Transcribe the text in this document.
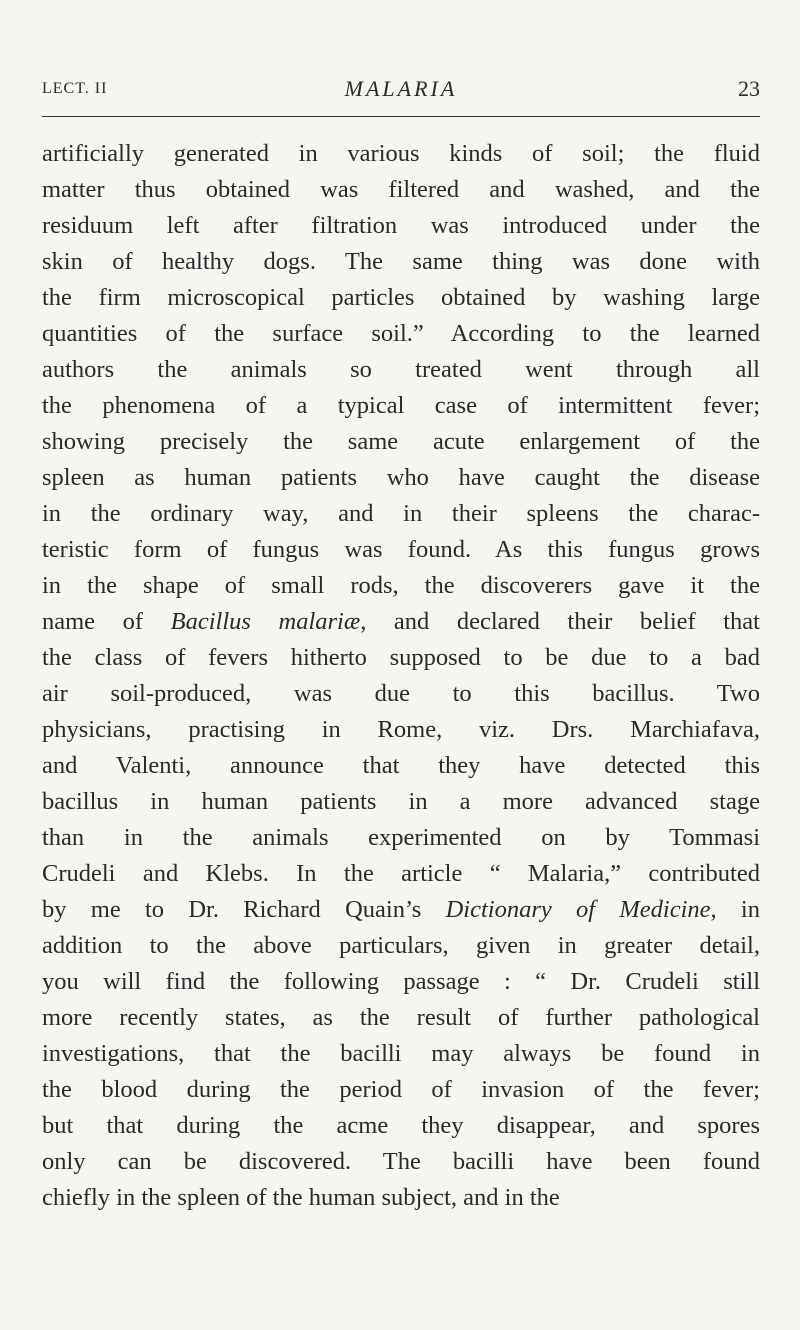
LECT. II	MALARIA	23
artificially generated in various kinds of soil; the fluid
matter thus obtained was filtered and washed, and the
residuum left after filtration was introduced under the
skin of healthy dogs. The same thing was done with
the firm microscopical particles obtained by washing large
quantities of the surface soil.” According to the learned
authors the animals so treated went through all
the phenomena of a typical case of intermittent fever;
showing precisely the same acute enlargement of the
spleen as human patients who have caught the disease
in the ordinary way, and in their spleens the charac-
teristic form of fungus was found. As this fungus grows
in the shape of small rods, the discoverers gave it the
name of Bacillus malariæ, and declared their belief that
the class of fevers hitherto supposed to be due to a bad
air soil-produced, was due to this bacillus. Two
physicians, practising in Rome, viz. Drs. Marchiafava,
and Valenti, announce that they have detected this
bacillus in human patients in a more advanced stage
than in the animals experimented on by Tommasi
Crudeli and Klebs. In the article “ Malaria,” contributed
by me to Dr. Richard Quain’s Dictionary of Medicine, in
addition to the above particulars, given in greater detail,
you will find the following passage : “ Dr. Crudeli still
more recently states, as the result of further pathological
investigations, that the bacilli may always be found in
the blood during the period of invasion of the fever;
but that during the acme they disappear, and spores
only can be discovered. The bacilli have been found
chiefly in the spleen of the human subject, and in the
